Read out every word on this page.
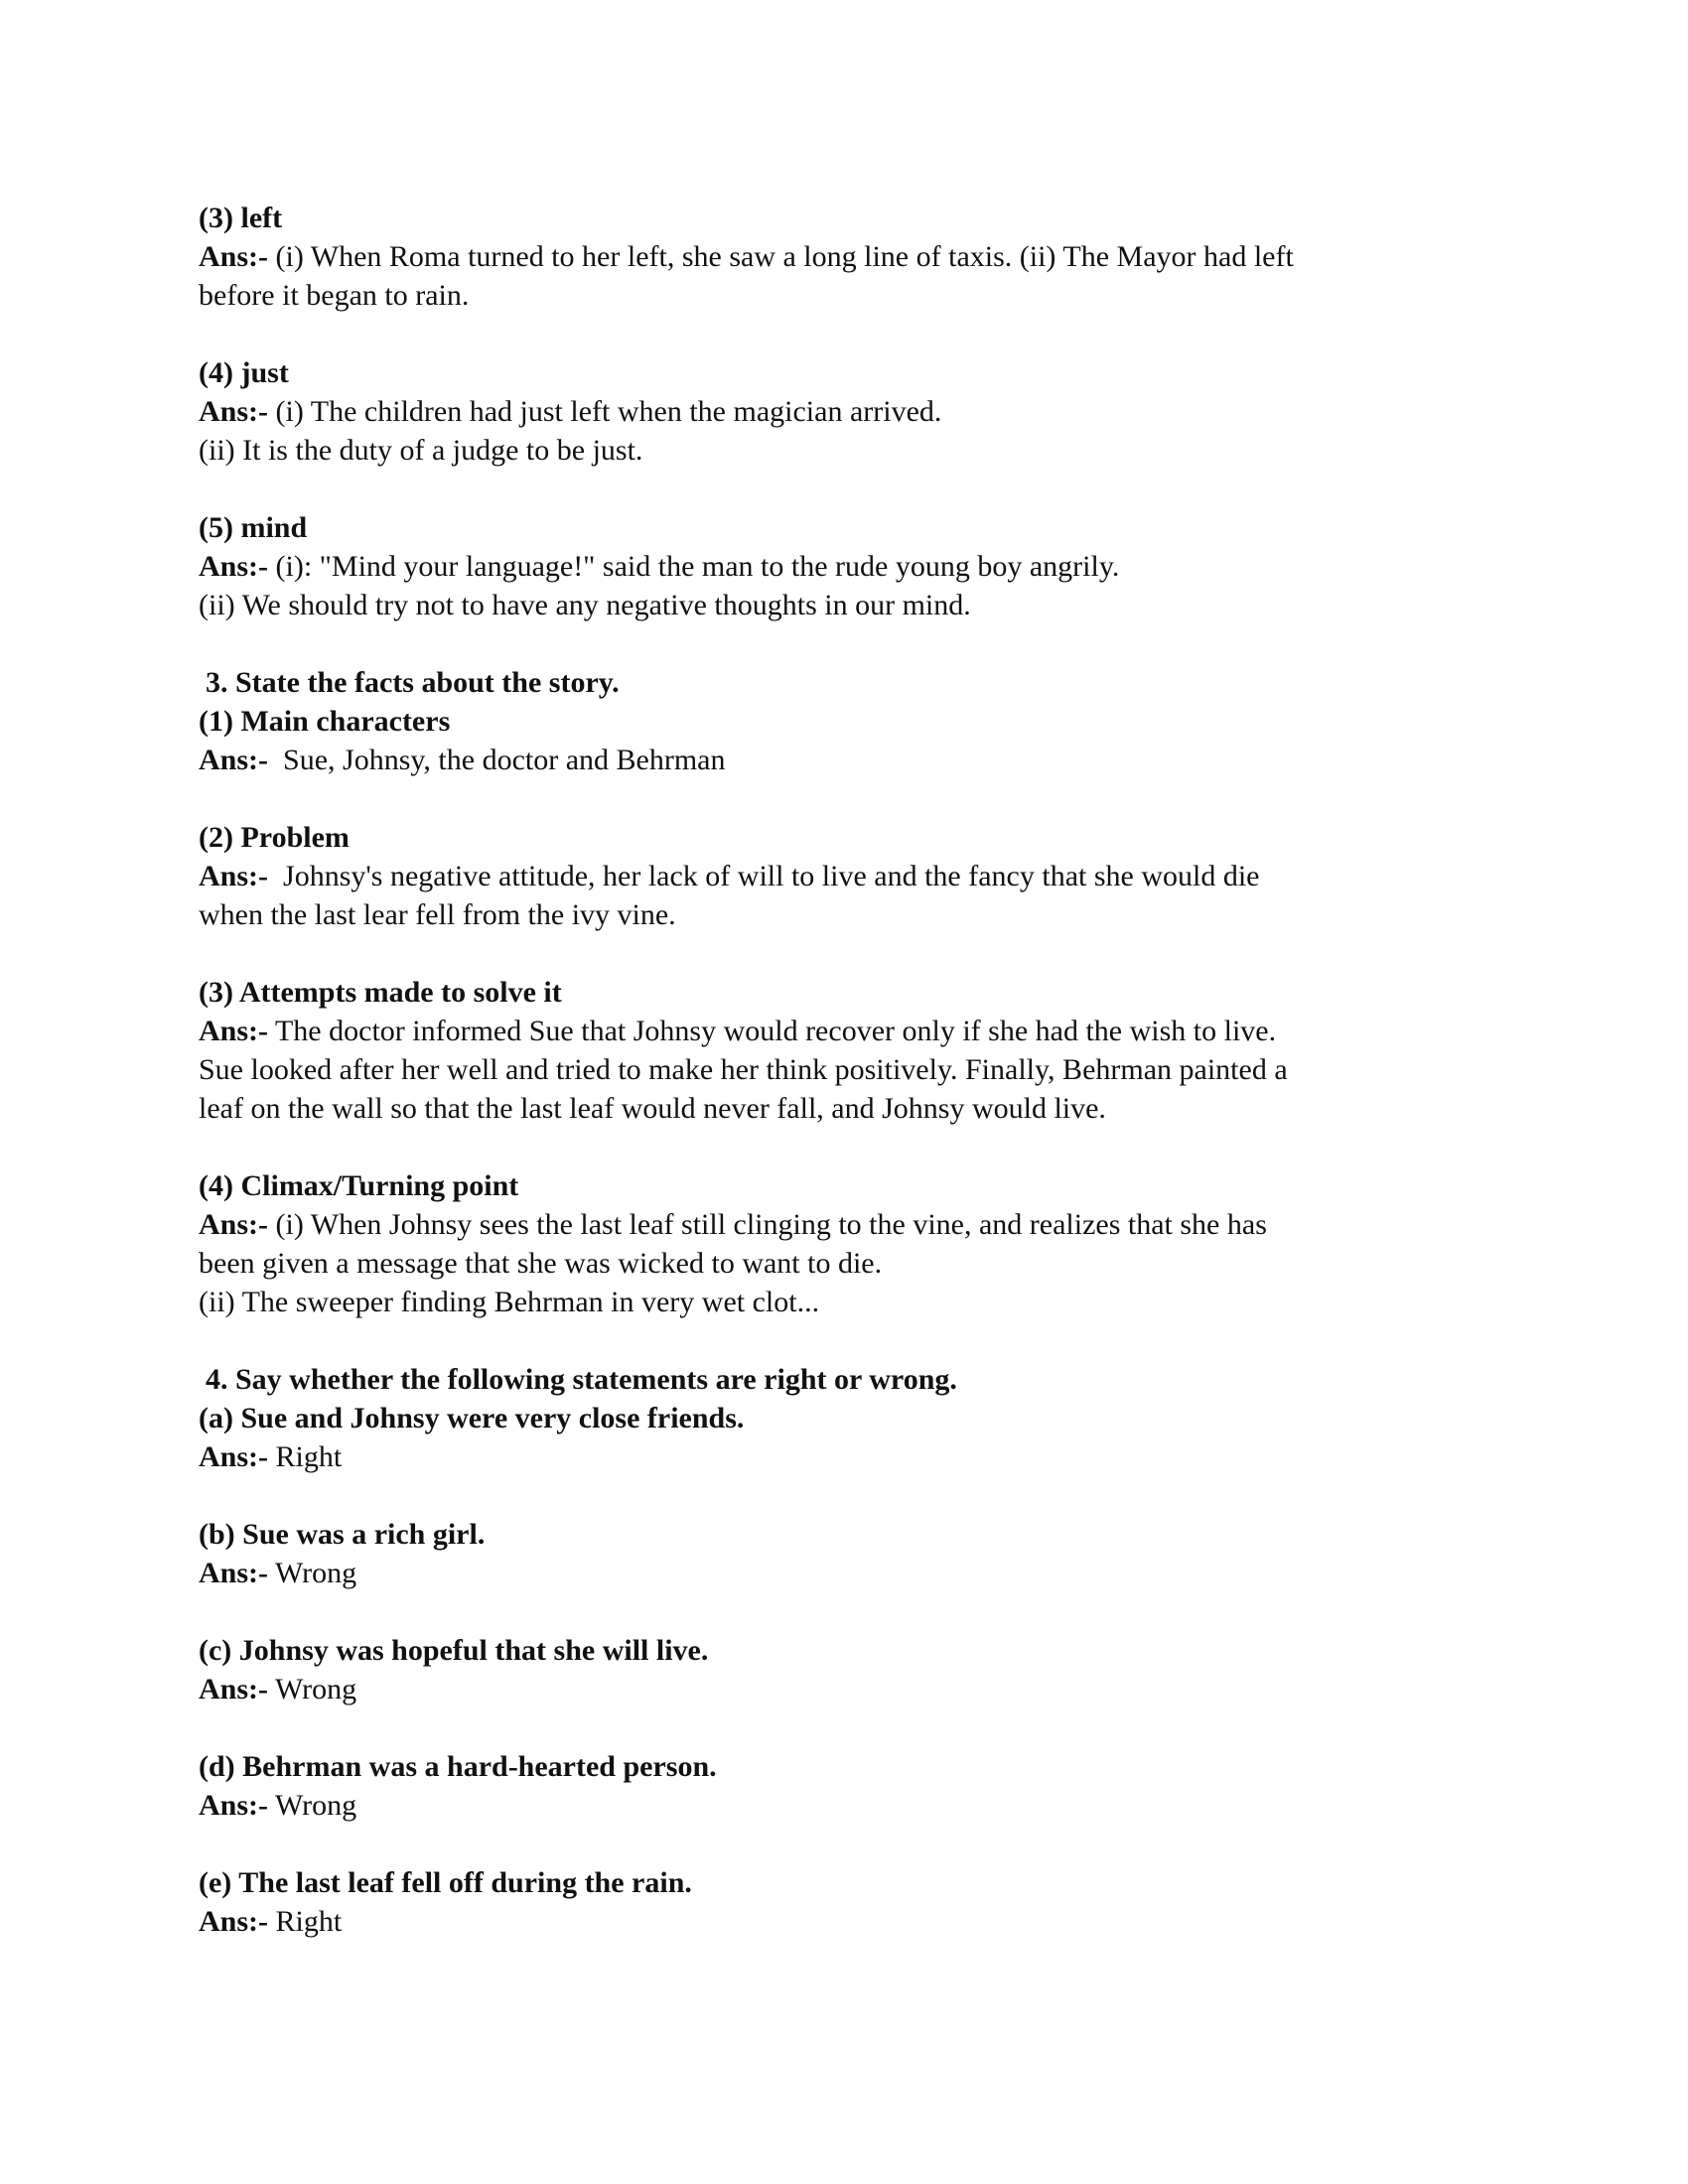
(3) left
Ans:- (i) When Roma turned to her left, she saw a long line of taxis. (ii) The Mayor had left
before it began to rain.
(4) just
Ans:- (i) The children had just left when the magician arrived.
(ii) It is the duty of a judge to be just.
(5) mind
Ans:- (i): "Mind your language!" said the man to the rude young boy angrily.
(ii) We should try not to have any negative thoughts in our mind.
3. State the facts about the story.
(1) Main characters
Ans:- Sue, Johnsy, the doctor and Behrman
(2) Problem
Ans:- Johnsy's negative attitude, her lack of will to live and the fancy that she would die
when the last lear fell from the ivy vine.
(3) Attempts made to solve it
Ans:- The doctor informed Sue that Johnsy would recover only if she had the wish to live.
Sue looked after her well and tried to make her think positively. Finally, Behrman painted a
leaf on the wall so that the last leaf would never fall, and Johnsy would live.
(4) Climax/Turning point
Ans:- (i) When Johnsy sees the last leaf still clinging to the vine, and realizes that she has
been given a message that she was wicked to want to die.
(ii) The sweeper finding Behrman in very wet clot...
4. Say whether the following statements are right or wrong.
(a) Sue and Johnsy were very close friends.
Ans:- Right
(b) Sue was a rich girl.
Ans:- Wrong
(c) Johnsy was hopeful that she will live.
Ans:- Wrong
(d) Behrman was a hard-hearted person.
Ans:- Wrong
(e) The last leaf fell off during the rain.
Ans:- Right
